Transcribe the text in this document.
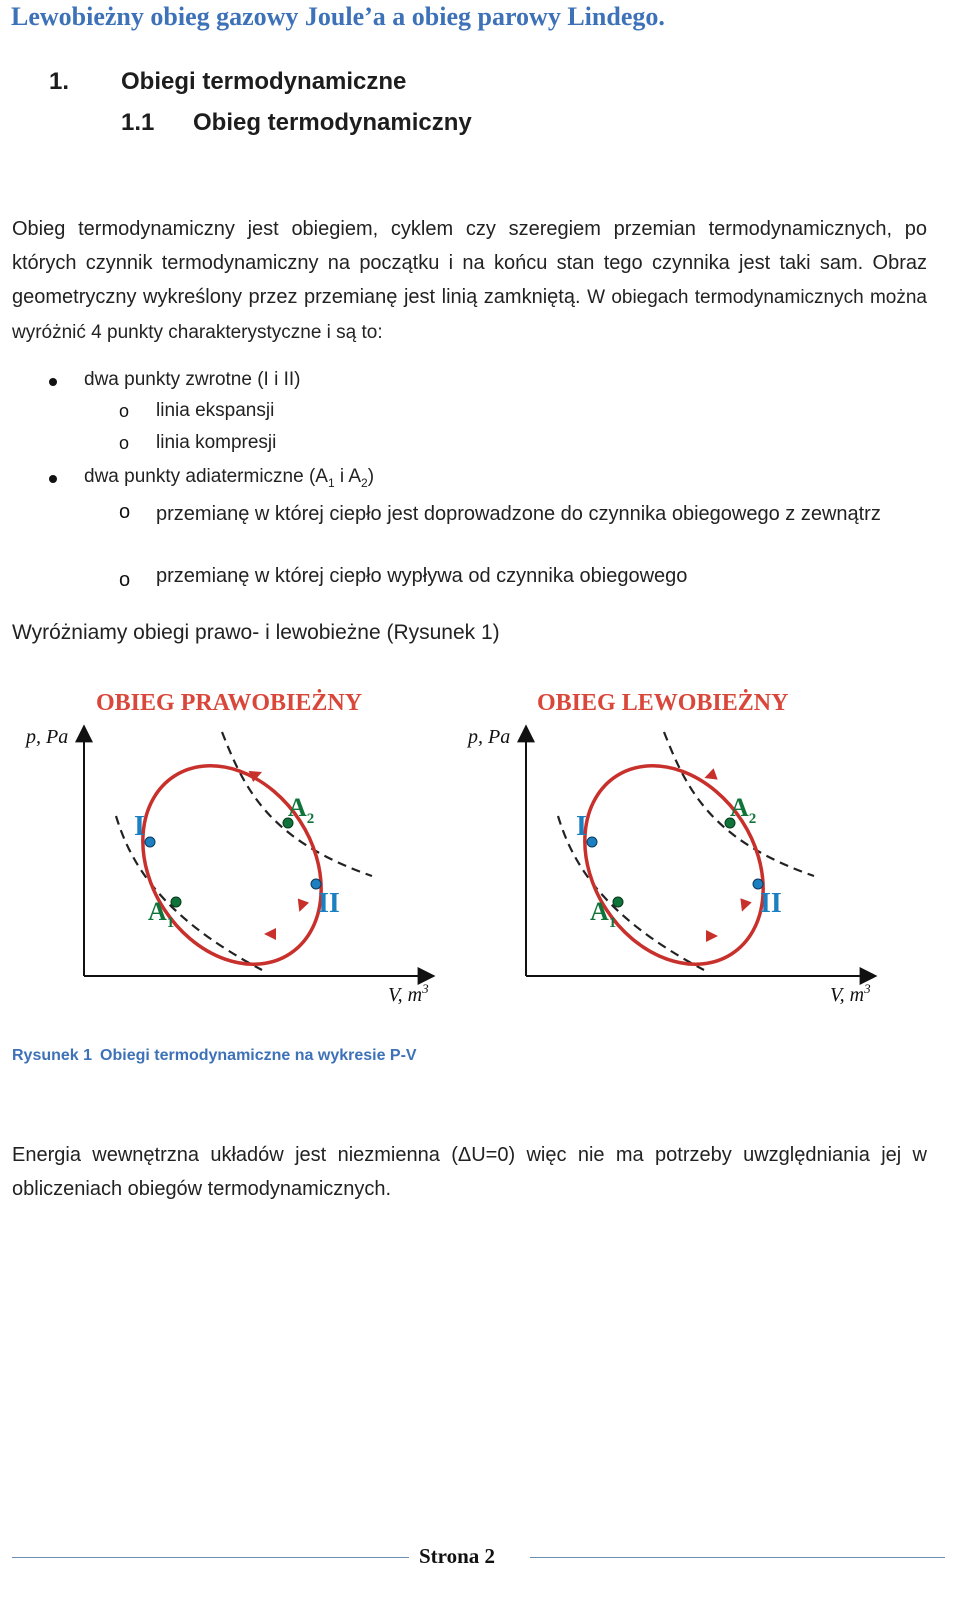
Lewobieżny obieg gazowy Joule’a a obieg parowy Lindego.
1. Obiegi termodynamiczne
1.1 Obieg termodynamiczny
Obieg termodynamiczny jest obiegiem, cyklem czy szeregiem przemian termodynamicznych, po których czynnik termodynamiczny na początku i na końcu stan tego czynnika jest taki sam. Obraz geometryczny wykreślony przez przemianę jest linią zamkniętą. W obiegach termodynamicznych można wyróżnić 4 punkty charakterystyczne i są to:
dwa punkty zwrotne (I i II)
o linia ekspansji
o linia kompresji
dwa punkty adiatermiczne ($A_1$ i $A_2$)
o przemianę w której ciepło jest doprowadzone do czynnika obiegowego z zewnątrz
o przemianę w której ciepło wypływa od czynnika obiegowego
Wyróżniamy obiegi prawo- i lewobieżne (Rysunek 1)
OBIEG PRAWOBIEŻNY
p, Pa
V, $m^3$
I
II
$A_2$
$A_1$
OBIEG LEWOBIEŻNY
p, Pa
V, $m^3$
I
II
$A_2$
$A_1$
Rysunek 1 Obiegi termodynamiczne na wykresie P-V
Energia wewnętrzna układów jest niezmienna (ΔU=0) więc nie ma potrzeby uwzględniania jej w obliczeniach obiegów termodynamicznych.
Strona 2
